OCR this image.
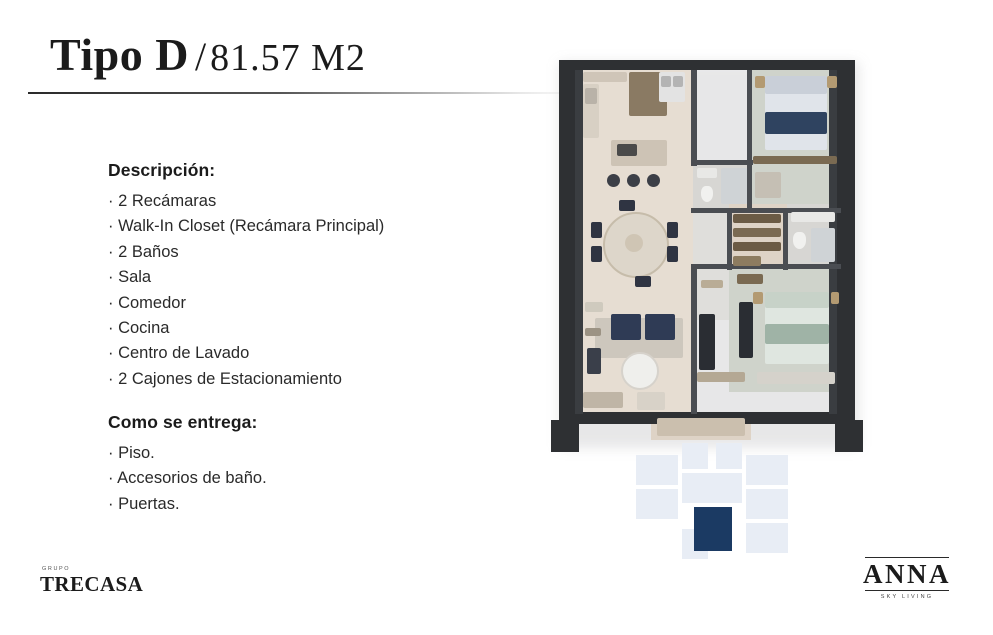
Tipo D / 81.57 M2
Descripción:
· 2 Recámaras
· Walk-In Closet (Recámara Principal)
· 2 Baños
· Sala
· Comedor
· Cocina
· Centro de Lavado
· 2 Cajones de Estacionamiento
Como se entrega:
· Piso.
· Accesorios de baño.
· Puertas.
GRUPO
TRECASA	ANNA
SKY LIVING
